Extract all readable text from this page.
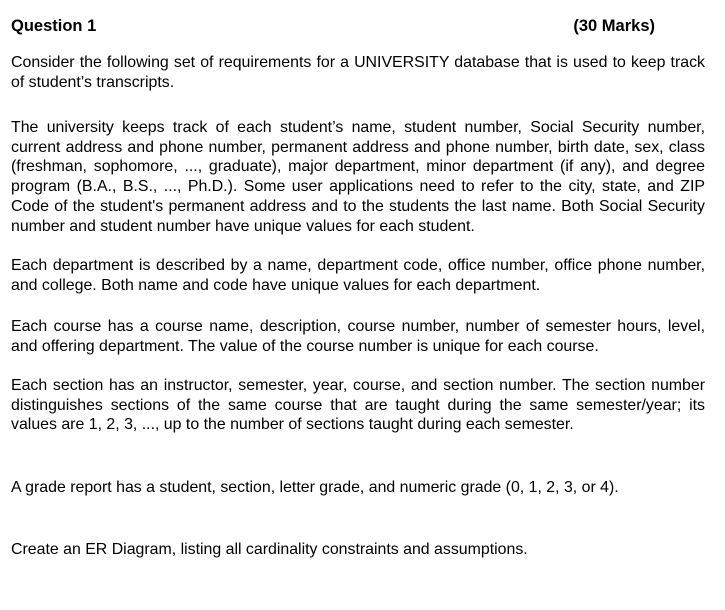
Question 1	(30 Marks)

Consider the following set of requirements for a UNIVERSITY database that is used to keep track of student’s transcripts.

The university keeps track of each student’s name, student number, Social Security number, current address and phone number, permanent address and phone number, birth date, sex, class (freshman, sophomore, ..., graduate), major department, minor department (if any), and degree program (B.A., B.S., ..., Ph.D.). Some user applications need to refer to the city, state, and ZIP Code of the student's permanent address and to the students the last name. Both Social Security number and student number have unique values for each student.

Each department is described by a name, department code, office number, office phone number, and college. Both name and code have unique values for each department.

Each course has a course name, description, course number, number of semester hours, level, and offering department. The value of the course number is unique for each course.

Each section has an instructor, semester, year, course, and section number. The section number distinguishes sections of the same course that are taught during the same semester/year; its values are 1, 2, 3, ..., up to the number of sections taught during each semester.

A grade report has a student, section, letter grade, and numeric grade (0, 1, 2, 3, or 4).

Create an ER Diagram, listing all cardinality constraints and assumptions.
